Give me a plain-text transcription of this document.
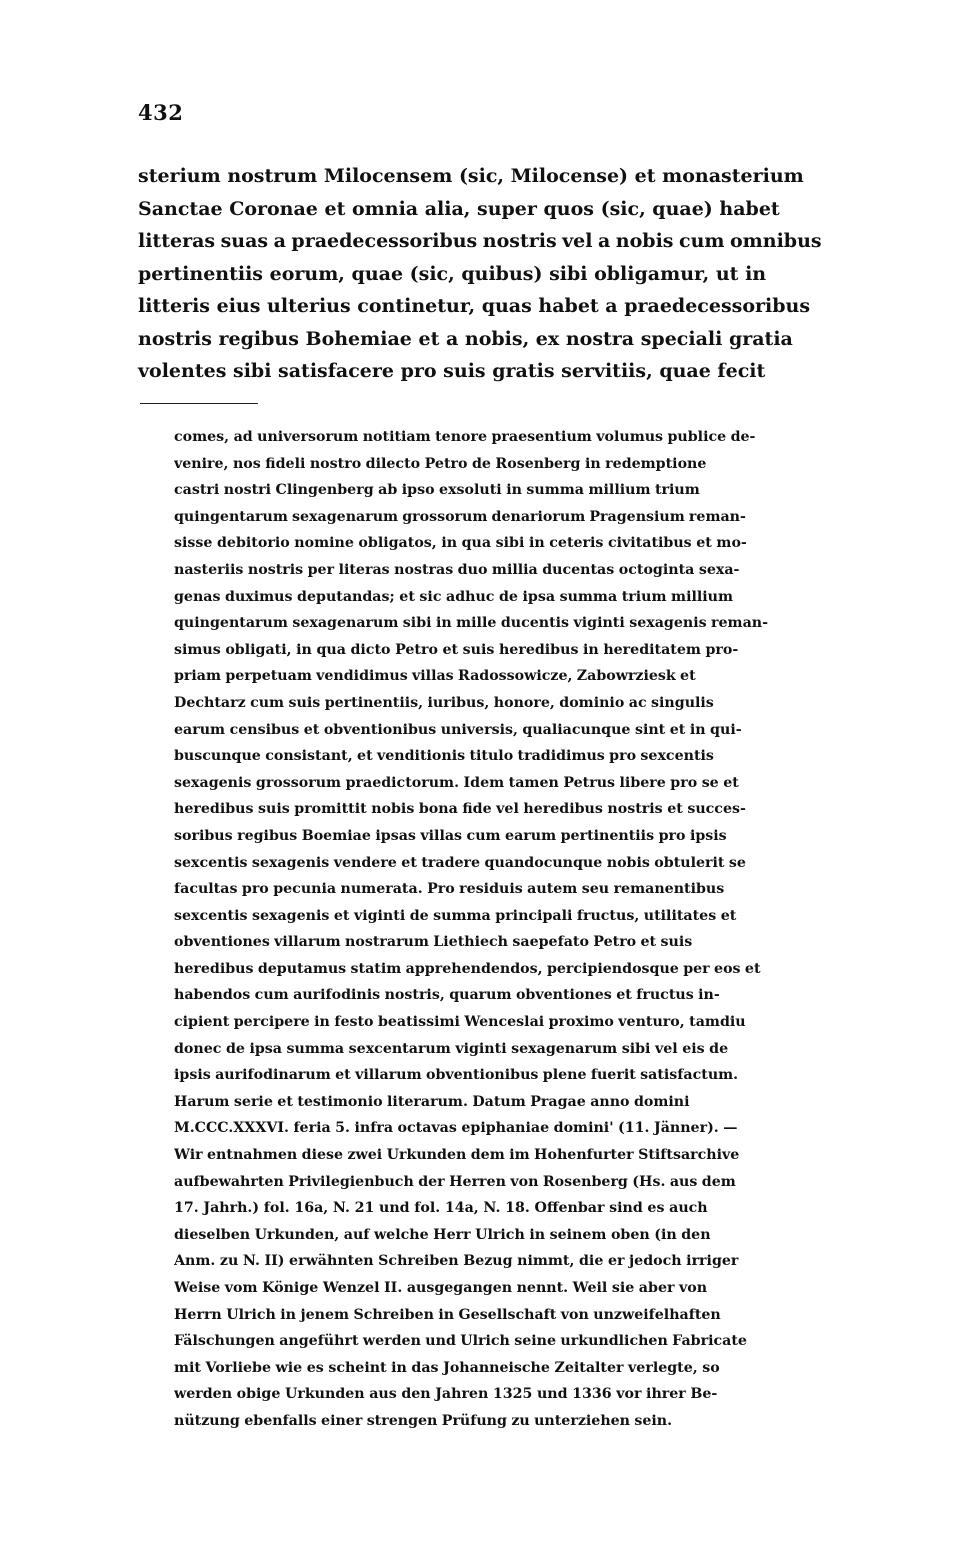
432
sterium nostrum Milocensem (sic, Milocense) et monasterium
Sanctae Coronae et omnia alia, super quos (sic, quae) habet
litteras suas a praedecessoribus nostris vel a nobis cum omnibus
pertinentiis eorum, quae (sic, quibus) sibi obligamur, ut in
litteris eius ulterius continetur, quas habet a praedecessoribus
nostris regibus Bohemiae et a nobis, ex nostra speciali gratia
volentes sibi satisfacere pro suis gratis servitiis, quae fecit
comes, ad universorum notitiam tenore praesentium volumus publice de-
venire, nos fideli nostro dilecto Petro de Rosenberg in redemptione
castri nostri Clingenberg ab ipso exsoluti in summa millium trium
quingentarum sexagenarum grossorum denariorum Pragensium reman-
sisse debitorio nomine obligatos, in qua sibi in ceteris civitatibus et mo-
nasteriis nostris per literas nostras duo millia ducentas octoginta sexa-
genas duximus deputandas; et sic adhuc de ipsa summa trium millium
quingentarum sexagenarum sibi in mille ducentis viginti sexagenis reman-
simus obligati, in qua dicto Petro et suis heredibus in hereditatem pro-
priam perpetuam vendidimus villas Radossowicze, Zabowrziesk et
Dechtarz cum suis pertinentiis, iuribus, honore, dominio ac singulis
earum censibus et obventionibus universis, qualiacunque sint et in qui-
buscunque consistant, et venditionis titulo tradidimus pro sexcentis
sexagenis grossorum praedictorum. Idem tamen Petrus libere pro se et
heredibus suis promittit nobis bona fide vel heredibus nostris et succes-
soribus regibus Boemiae ipsas villas cum earum pertinentiis pro ipsis
sexcentis sexagenis vendere et tradere quandocunque nobis obtulerit se
facultas pro pecunia numerata. Pro residuis autem seu remanentibus
sexcentis sexagenis et viginti de summa principali fructus, utilitates et
obventiones villarum nostrarum Liethiech saepefato Petro et suis
heredibus deputamus statim apprehendendos, percipiendosque per eos et
habendos cum aurifodinis nostris, quarum obventiones et fructus in-
cipient percipere in festo beatissimi Wenceslai proximo venturo, tamdiu
donec de ipsa summa sexcentarum viginti sexagenarum sibi vel eis de
ipsis aurifodinarum et villarum obventionibus plene fuerit satisfactum.
Harum serie et testimonio literarum. Datum Pragae anno domini
M.CCC.XXXVI. feria 5. infra octavas epiphaniae domini' (11. Jänner). —
Wir entnahmen diese zwei Urkunden dem im Hohenfurter Stiftsarchive
aufbewahrten Privilegienbuch der Herren von Rosenberg (Hs. aus dem
17. Jahrh.) fol. 16a, N. 21 und fol. 14a, N. 18. Offenbar sind es auch
dieselben Urkunden, auf welche Herr Ulrich in seinem oben (in den
Anm. zu N. II) erwähnten Schreiben Bezug nimmt, die er jedoch irriger
Weise vom Könige Wenzel II. ausgegangen nennt. Weil sie aber von
Herrn Ulrich in jenem Schreiben in Gesellschaft von unzweifelhaften
Fälschungen angeführt werden und Ulrich seine urkundlichen Fabricate
mit Vorliebe wie es scheint in das Johanneische Zeitalter verlegte, so
werden obige Urkunden aus den Jahren 1325 und 1336 vor ihrer Be-
nützung ebenfalls einer strengen Prüfung zu unterziehen sein.
